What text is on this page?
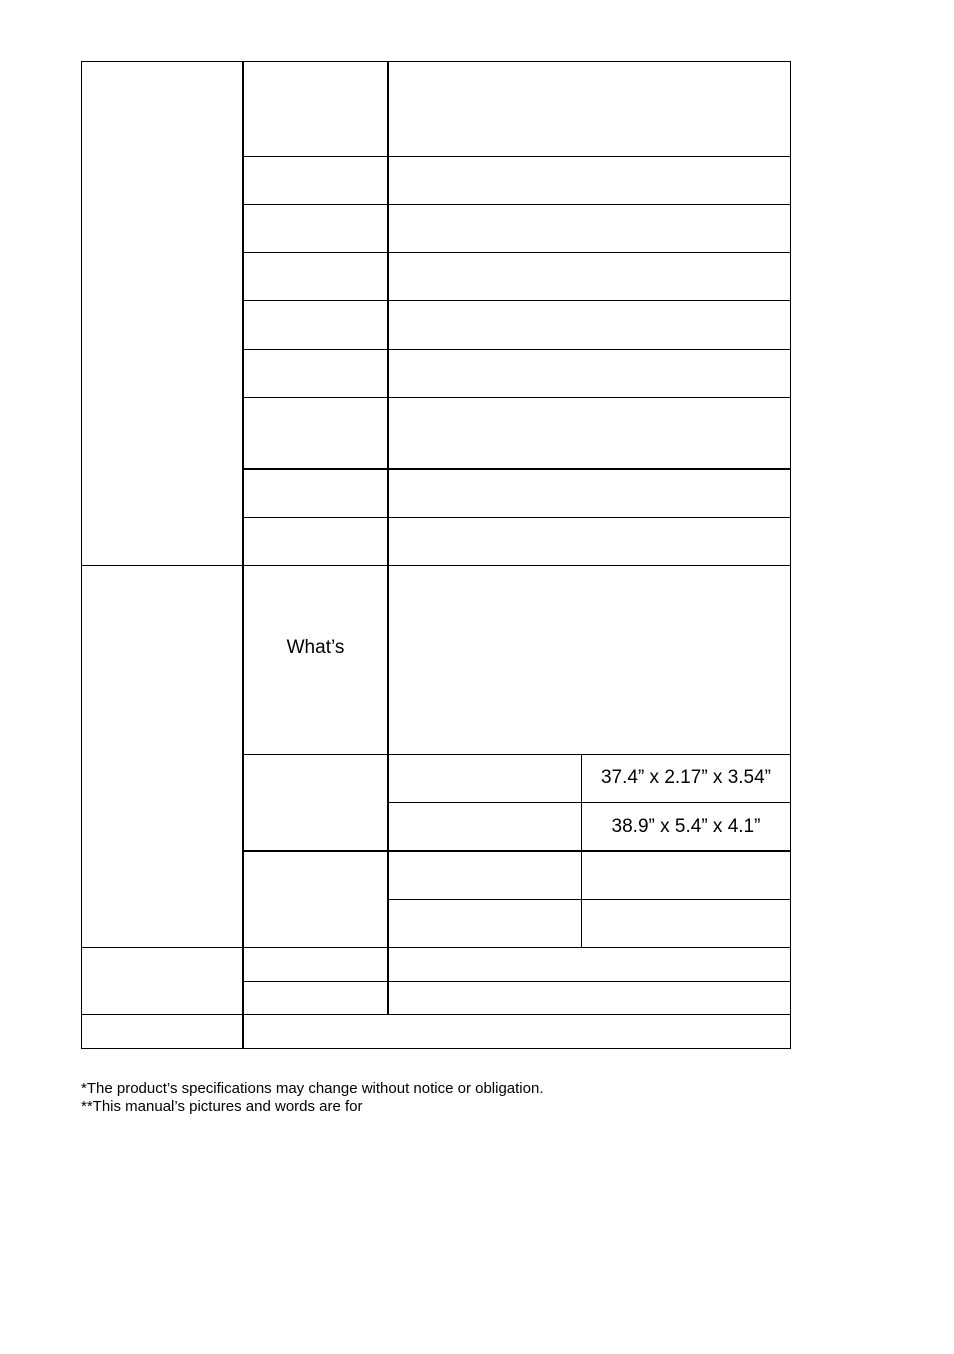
What’s
37.4” x 2.17” x 3.54”
38.9” x 5.4” x 4.1”
*The product’s specifications may change without notice or obligation.
**This manual’s pictures and words are for
